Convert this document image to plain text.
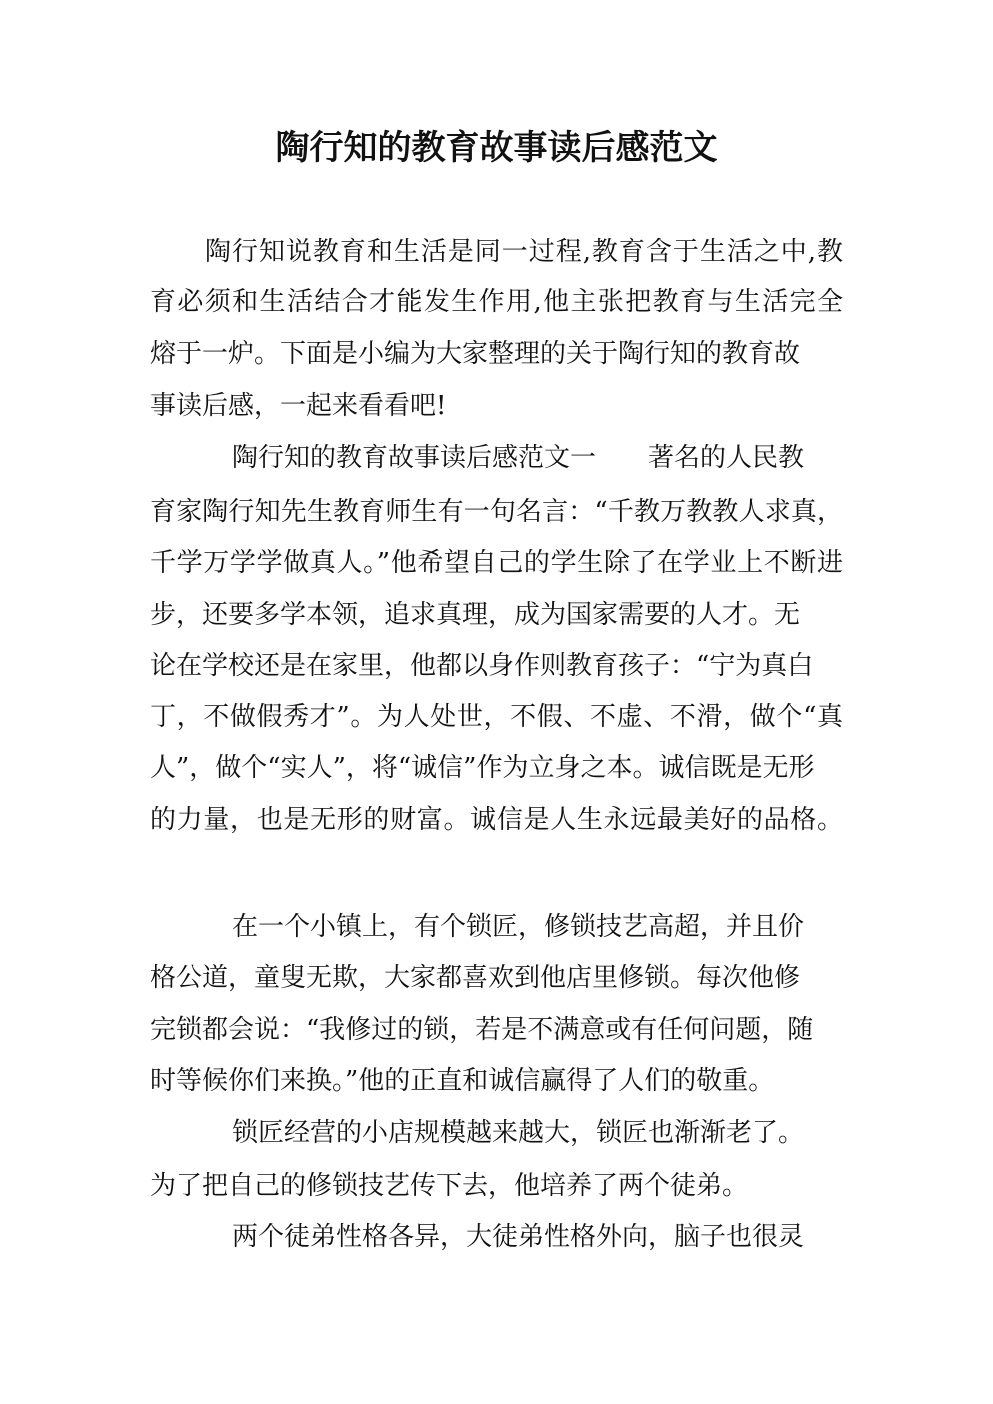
陶行知的教育故事读后感范文
陶行知说教育和生活是同一过程,教育含于生活之中,教
育必须和生活结合才能发生作用,他主张把教育与生活完全
熔于一炉。下面是小编为大家整理的关于陶行知的教育故
事读后感，一起来看看吧!
陶行知的教育故事读后感范文一　　著名的人民教
育家陶行知先生教育师生有一句名言：“千教万教教人求真，
千学万学学做真人。”他希望自己的学生除了在学业上不断进
步，还要多学本领，追求真理，成为国家需要的人才。无
论在学校还是在家里，他都以身作则教育孩子：“宁为真白
丁，不做假秀才”。为人处世，不假、不虚、不滑，做个“真
人”，做个“实人”，将“诚信”作为立身之本。诚信既是无形
的力量，也是无形的财富。诚信是人生永远最美好的品格。
在一个小镇上，有个锁匠，修锁技艺高超，并且价
格公道，童叟无欺，大家都喜欢到他店里修锁。每次他修
完锁都会说：“我修过的锁，若是不满意或有任何问题，随
时等候你们来换。”他的正直和诚信赢得了人们的敬重。
锁匠经营的小店规模越来越大，锁匠也渐渐老了。
为了把自己的修锁技艺传下去，他培养了两个徒弟。
两个徒弟性格各异，大徒弟性格外向，脑子也很灵
